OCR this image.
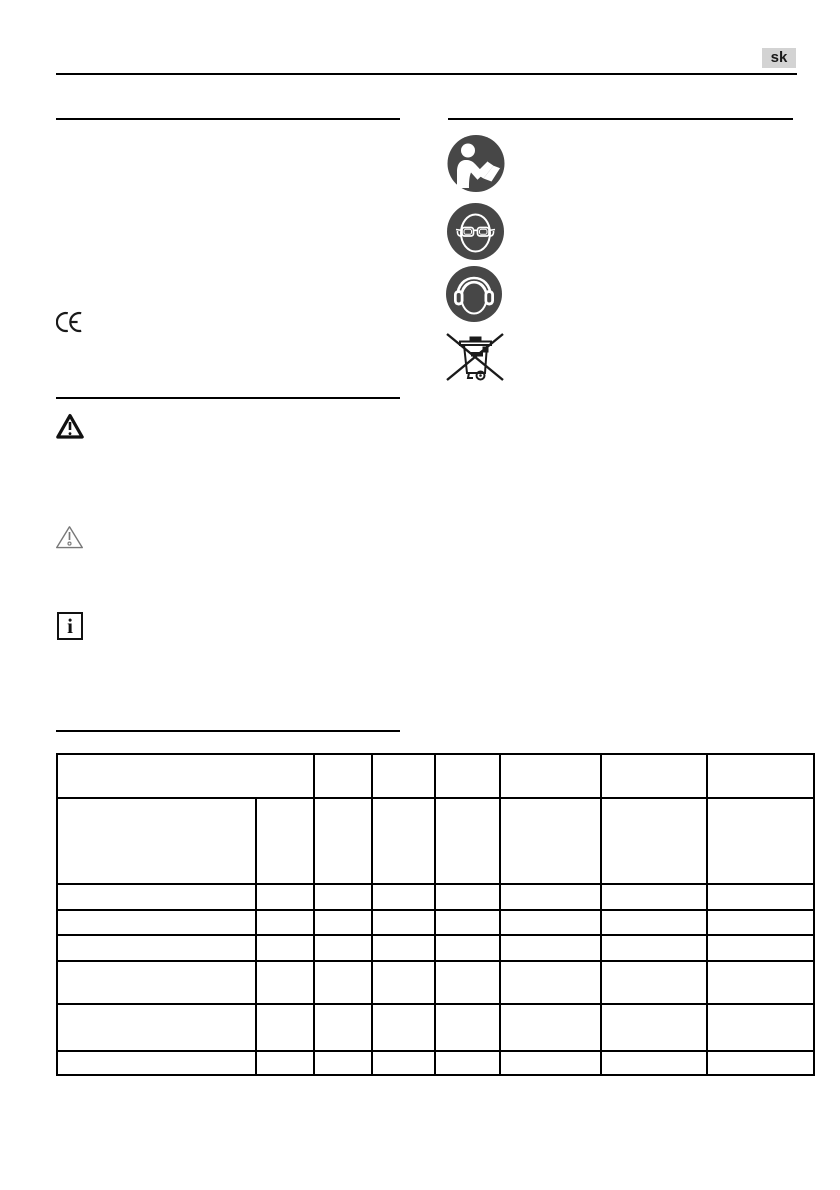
sk
i
